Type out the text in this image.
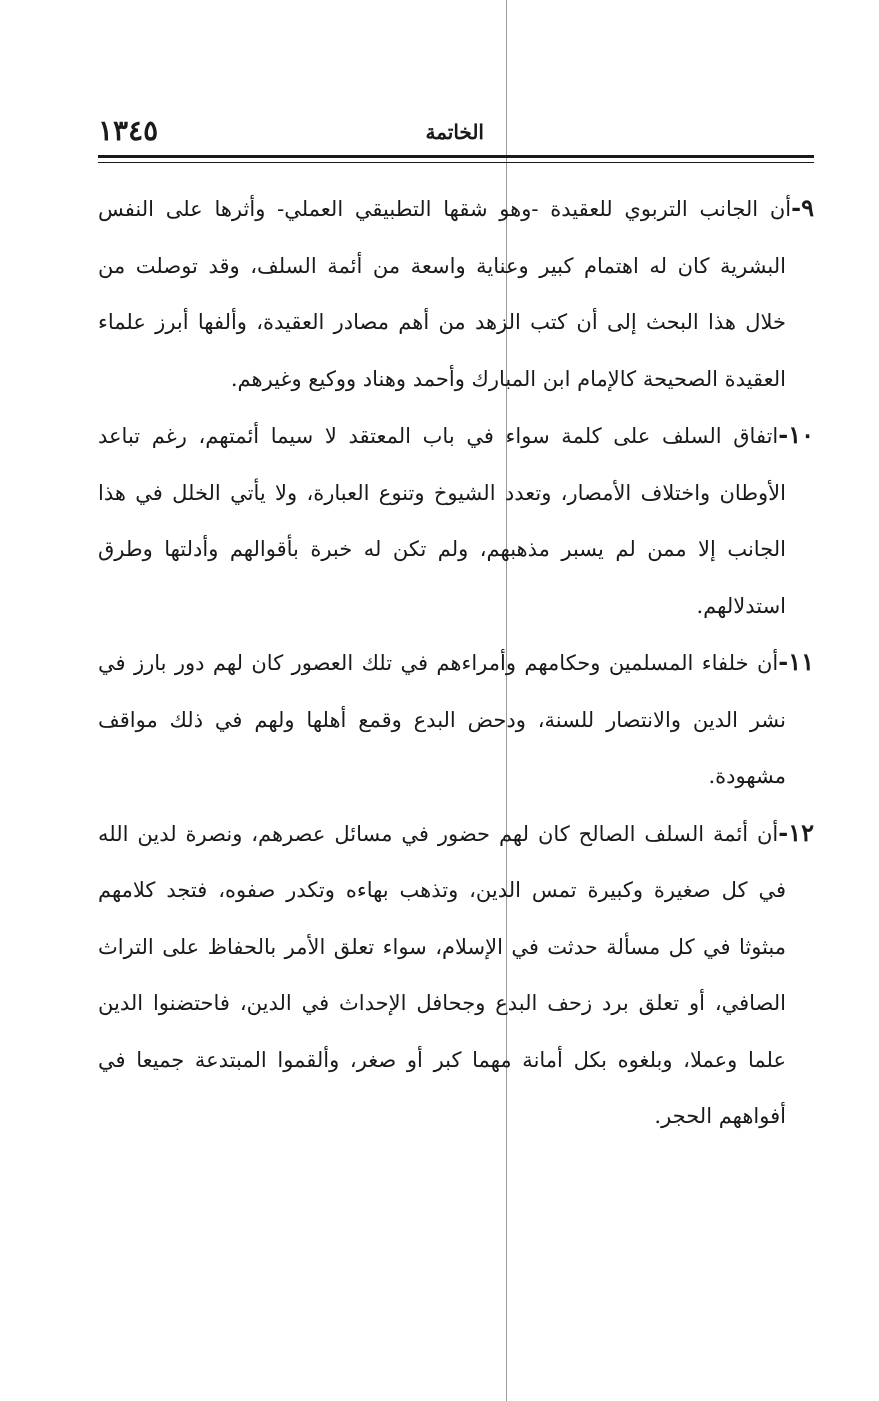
الخاتمة
١٣٤٥

٩-أن الجانب التربوي للعقيدة -وهو شقها التطبيقي العملي- وأثرها على النفس البشرية كان له اهتمام كبير وعناية واسعة من أئمة السلف، وقد توصلت من خلال هذا البحث إلى أن كتب الزهد من أهم مصادر العقيدة، وألفها أبرز علماء العقيدة الصحيحة كالإمام ابن المبارك وأحمد وهناد ووكيع وغيرهم.

١٠-اتفاق السلف على كلمة سواء في باب المعتقد لا سيما أئمتهم، رغم تباعد الأوطان واختلاف الأمصار، وتعدد الشيوخ وتنوع العبارة، ولا يأتي الخلل في هذا الجانب إلا ممن لم يسبر مذهبهم، ولم تكن له خبرة بأقوالهم وأدلتها وطرق استدلالهم.

١١-أن خلفاء المسلمين وحكامهم وأمراءهم في تلك العصور كان لهم دور بارز في نشر الدين والانتصار للسنة، ودحض البدع وقمع أهلها ولهم في ذلك مواقف مشهودة.

١٢-أن أئمة السلف الصالح كان لهم حضور في مسائل عصرهم، ونصرة لدين الله في كل صغيرة وكبيرة تمس الدين، وتذهب بهاءه وتكدر صفوه، فتجد كلامهم مبثوثا في كل مسألة حدثت في الإسلام، سواء تعلق الأمر بالحفاظ على التراث الصافي، أو تعلق برد زحف البدع وجحافل الإحداث في الدين، فاحتضنوا الدين علما وعملا، وبلغوه بكل أمانة مهما كبر أو صغر، وألقموا المبتدعة جميعا في أفواههم الحجر.
